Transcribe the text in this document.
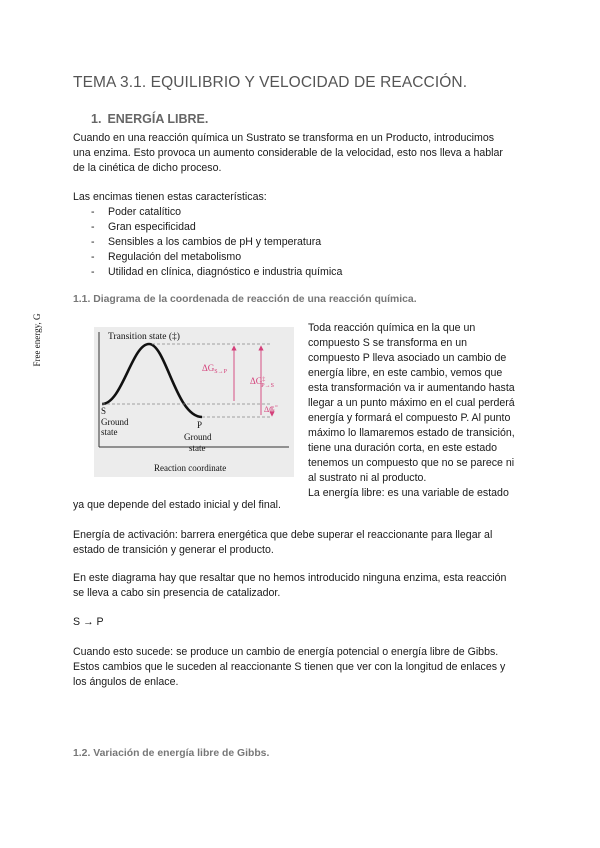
TEMA 3.1. EQUILIBRIO Y VELOCIDAD DE REACCIÓN.
1. ENERGÍA LIBRE.
Cuando en una reacción química un Sustrato se transforma en un Producto, introducimos
una enzima. Esto provoca un aumento considerable de la velocidad, esto nos lleva a hablar
de la cinética de dicho proceso.
Las encimas tienen estas características:
- Poder catalítico
- Gran especificidad
- Sensibles a los cambios de pH y temperatura
- Regulación del metabolismo
- Utilidad en clínica, diagnóstico e industria química
1.1. Diagrama de la coordenada de reacción de una reacción química.
Transition state (‡)
S
Ground
state
P
Ground
state
Reaction coordinate
$\Delta G_{S\to P}$
ΔG‡ P→S
ΔG°'
Free energy, G	Toda reacción química en la que un
compuesto S se transforma en un
compuesto P lleva asociado un cambio de
energía libre, en este cambio, vemos que
esta transformación va ir aumentando hasta
llegar a un punto máximo en el cual perderá
energía y formará el compuesto P. Al punto
máximo lo llamaremos estado de transición,
tiene una duración corta, en este estado
tenemos un compuesto que no se parece ni
al sustrato ni al producto.
La energía libre: es una variable de estado
ya que depende del estado inicial y del final.
Energía de activación: barrera energética que debe superar el reaccionante para llegar al
estado de transición y generar el producto.
En este diagrama hay que resaltar que no hemos introducido ninguna enzima, esta reacción
se lleva a cabo sin presencia de catalizador.
S → P
Cuando esto sucede: se produce un cambio de energía potencial o energía libre de Gibbs.
Estos cambios que le suceden al reaccionante S tienen que ver con la longitud de enlaces y
los ángulos de enlace.
1.2. Variación de energía libre de Gibbs.
